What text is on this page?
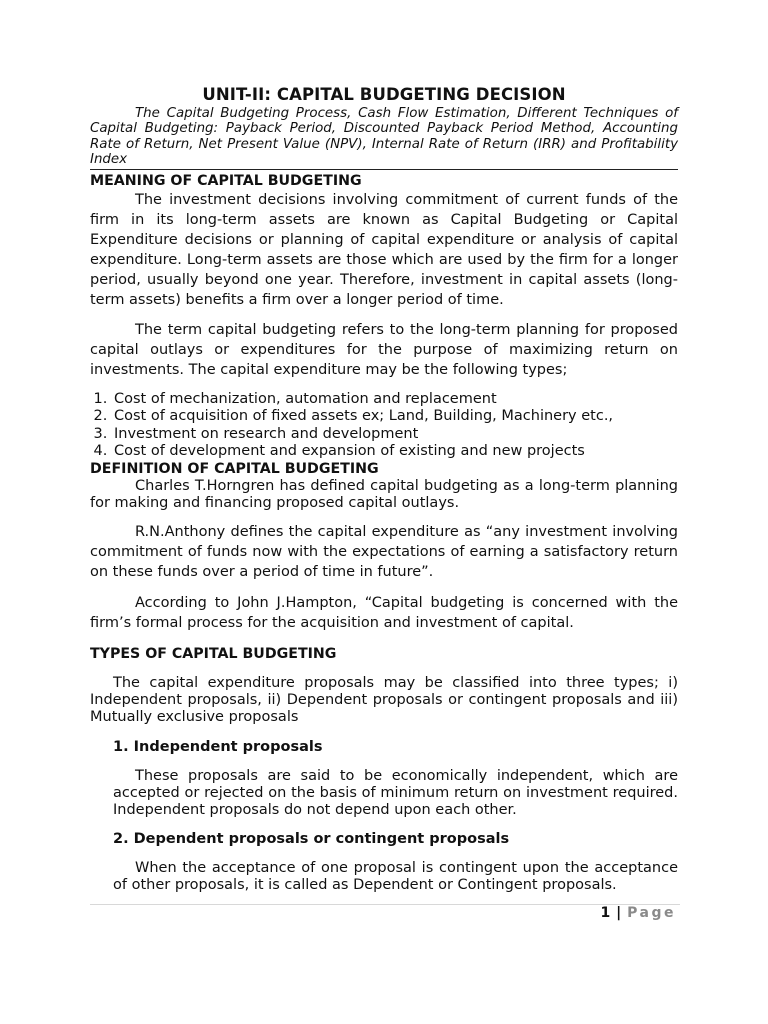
UNIT-II: CAPITAL BUDGETING DECISION

The Capital Budgeting Process, Cash Flow Estimation, Different Techniques of Capital Budgeting: Payback Period, Discounted Payback Period Method, Accounting Rate of Return, Net Present Value (NPV), Internal Rate of Return (IRR) and Profitability Index

MEANING OF CAPITAL BUDGETING

The investment decisions involving commitment of current funds of the firm in its long-term assets are known as Capital Budgeting or Capital Expenditure decisions or planning of capital expenditure or analysis of capital expenditure. Long-term assets are those which are used by the firm for a longer period, usually beyond one year. Therefore, investment in capital assets (long-term assets) benefits a firm over a longer period of time.

The term capital budgeting refers to the long-term planning for proposed capital outlays or expenditures for the purpose of maximizing return on investments. The capital expenditure may be the following types;

1. Cost of mechanization, automation and replacement
2. Cost of acquisition of fixed assets ex; Land, Building, Machinery etc.,
3. Investment on research and development
4. Cost of development and expansion of existing and new projects
DEFINITION OF CAPITAL BUDGETING

Charles T.Horngren has defined capital budgeting as a long-term planning for making and financing proposed capital outlays.

R.N.Anthony defines the capital expenditure as “any investment involving commitment of funds now with the expectations of earning a satisfactory return on these funds over a period of time in future”.

According to John J.Hampton, “Capital budgeting is concerned with the firm’s formal process for the acquisition and investment of capital.

TYPES OF CAPITAL BUDGETING

The capital expenditure proposals may be classified into three types; i) Independent proposals, ii) Dependent proposals or contingent proposals and iii) Mutually exclusive proposals

1. Independent proposals

These proposals are said to be economically independent, which are accepted or rejected on the basis of minimum return on investment required. Independent proposals do not depend upon each other.

2. Dependent proposals or contingent proposals

When the acceptance of one proposal is contingent upon the acceptance of other proposals, it is called as Dependent or Contingent proposals.

1 | Page
